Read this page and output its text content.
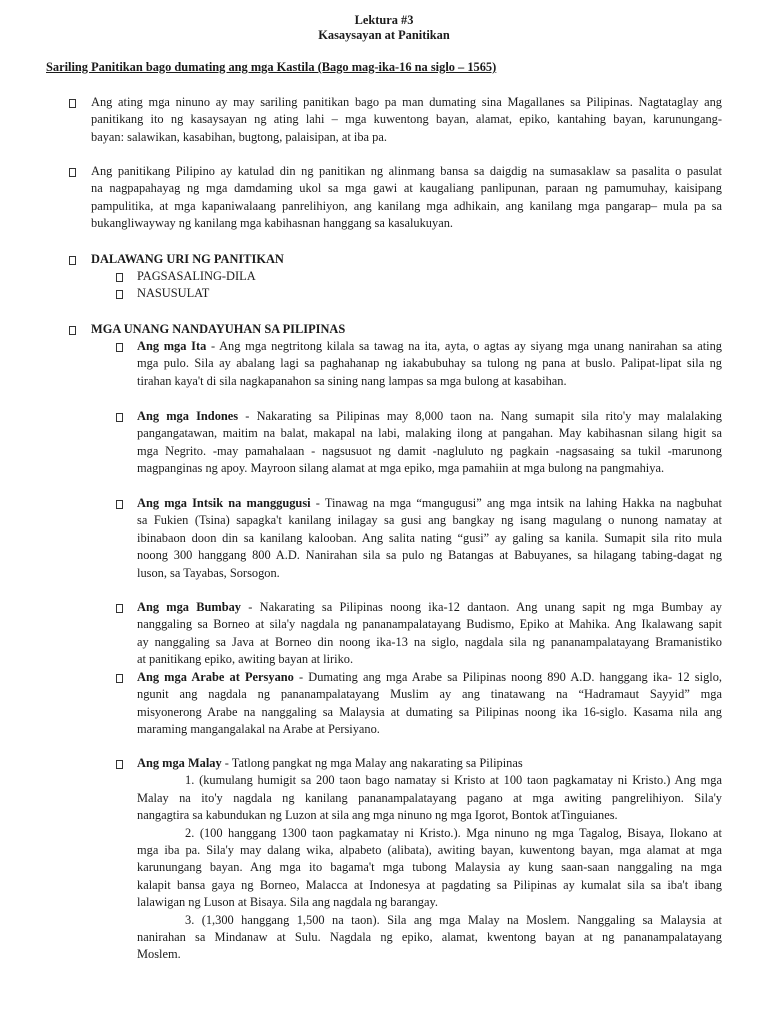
Lektura #3
Kasaysayan at Panitikan
Sariling Panitikan bago dumating ang mga Kastila (Bago mag-ika-16 na siglo – 1565)
Ang ating mga ninuno ay may sariling panitikan bago pa man dumating sina Magallanes sa Pilipinas. Nagtataglay ang
panitikang ito ng kasaysayan ng ating lahi – mga kuwentong bayan, alamat, epiko, kantahing bayan, karunungang-
bayan: salawikan, kasabihan, bugtong, palaisipan, at iba pa.
Ang panitikang Pilipino ay katulad din ng panitikan ng alinmang bansa sa daigdig na sumasaklaw sa pasalita o pasulat
na nagpapahayag ng mga damdaming ukol sa mga gawi at kaugaliang panlipunan, paraan ng pamumuhay, kaisipang
pampulitika, at mga kapaniwalaang panrelihiyon, ang kanilang mga adhikain, ang kanilang mga pangarap– mula pa sa
bukangliwayway ng kanilang mga kabihasnan hanggang sa kasalukuyan.
DALAWANG URI NG PANITIKAN
PAGSASALING-DILA
NASUSULAT
MGA UNANG NANDAYUHAN SA PILIPINAS
Ang mga Ita - Ang mga negtritong kilala sa tawag na ita, ayta, o agtas ay siyang mga unang nanirahan sa ating
mga pulo. Sila ay abalang lagi sa paghahanap ng iakabubuhay sa tulong ng pana at buslo. Palipat-lipat sila ng
tirahan kaya't di sila nagkapanahon sa sining nang lampas sa mga bulong at kasabihan.
Ang mga Indones - Nakarating sa Pilipinas may 8,000 taon na. Nang sumapit sila rito'y may malalaking
pangangatawan, maitim na balat, makapal na labi, malaking ilong at pangahan. May kabihasnan silang higit sa
mga Negrito. -may pamahalaan - nagsusuot ng damit -nagluluto ng pagkain -nagsasaing sa tukil -marunong
magpanginas ng apoy. Mayroon silang alamat at mga epiko, mga pamahiin at mga bulong na pangmahiya.
Ang mga Intsik na manggugusi - Tinawag na mga “mangugusi” ang mga intsik na lahing Hakka na nagbuhat
sa Fukien (Tsina) sapagka't kanilang inilagay sa gusi ang bangkay ng isang magulang o nunong namatay at
ibinabaon doon din sa kanilang kalooban. Ang salita nating “gusi” ay galing sa kanila. Sumapit sila rito mula
noong 300 hanggang 800 A.D. Nanirahan sila sa pulo ng Batangas at Babuyanes, sa hilagang tabing-dagat ng
luson, sa Tayabas, Sorsogon.
Ang mga Bumbay - Nakarating sa Pilipinas noong ika-12 dantaon. Ang unang sapit ng mga Bumbay ay
nanggaling sa Borneo at sila'y nagdala ng pananampalatayang Budismo, Epiko at Mahika. Ang Ikalawang sapit
ay nanggaling sa Java at Borneo din noong ika-13 na siglo, nagdala sila ng pananampalatayang Bramanistiko
at panitikang epiko, awiting bayan at liriko.
Ang mga Arabe at Persyano - Dumating ang mga Arabe sa Pilipinas noong 890 A.D. hanggang ika- 12 siglo,
ngunit ang nagdala ng pananampalatayang Muslim ay ang tinatawang na “Hadramaut Sayyid” mga
misyonerong Arabe na nanggaling sa Malaysia at dumating sa Pilipinas noong ika 16-siglo. Kasama nila ang
maraming mangangalakal na Arabe at Persiyano.
Ang mga Malay - Tatlong pangkat ng mga Malay ang nakarating sa Pilipinas
1. (kumulang humigit sa 200 taon bago namatay si Kristo at 100 taon pagkamatay ni Kristo.) Ang mga
Malay na ito'y nagdala ng kanilang pananampalatayang pagano at mga awiting pangrelihiyon. Sila'y
nangagtira sa kabundukan ng Luzon at sila ang mga ninuno ng mga Igorot, Bontok atTinguianes.
2. (100 hanggang 1300 taon pagkamatay ni Kristo.). Mga ninuno ng mga Tagalog, Bisaya, Ilokano at
mga iba pa. Sila'y may dalang wika, alpabeto (alibata), awiting bayan, kuwentong bayan, mga alamat at mga
karunungang bayan. Ang mga ito bagama't mga tubong Malaysia ay kung saan-saan nanggaling na mga
kalapit bansa gaya ng Borneo, Malacca at Indonesya at pagdating sa Pilipinas ay kumalat sila sa iba't ibang
lalawigan ng Luson at Bisaya. Sila ang nagdala ng barangay.
3. (1,300 hanggang 1,500 na taon). Sila ang mga Malay na Moslem. Nanggaling sa Malaysia at
nanirahan sa Mindanaw at Sulu. Nagdala ng epiko, alamat, kwentong bayan at ng pananampalatayang
Moslem.
